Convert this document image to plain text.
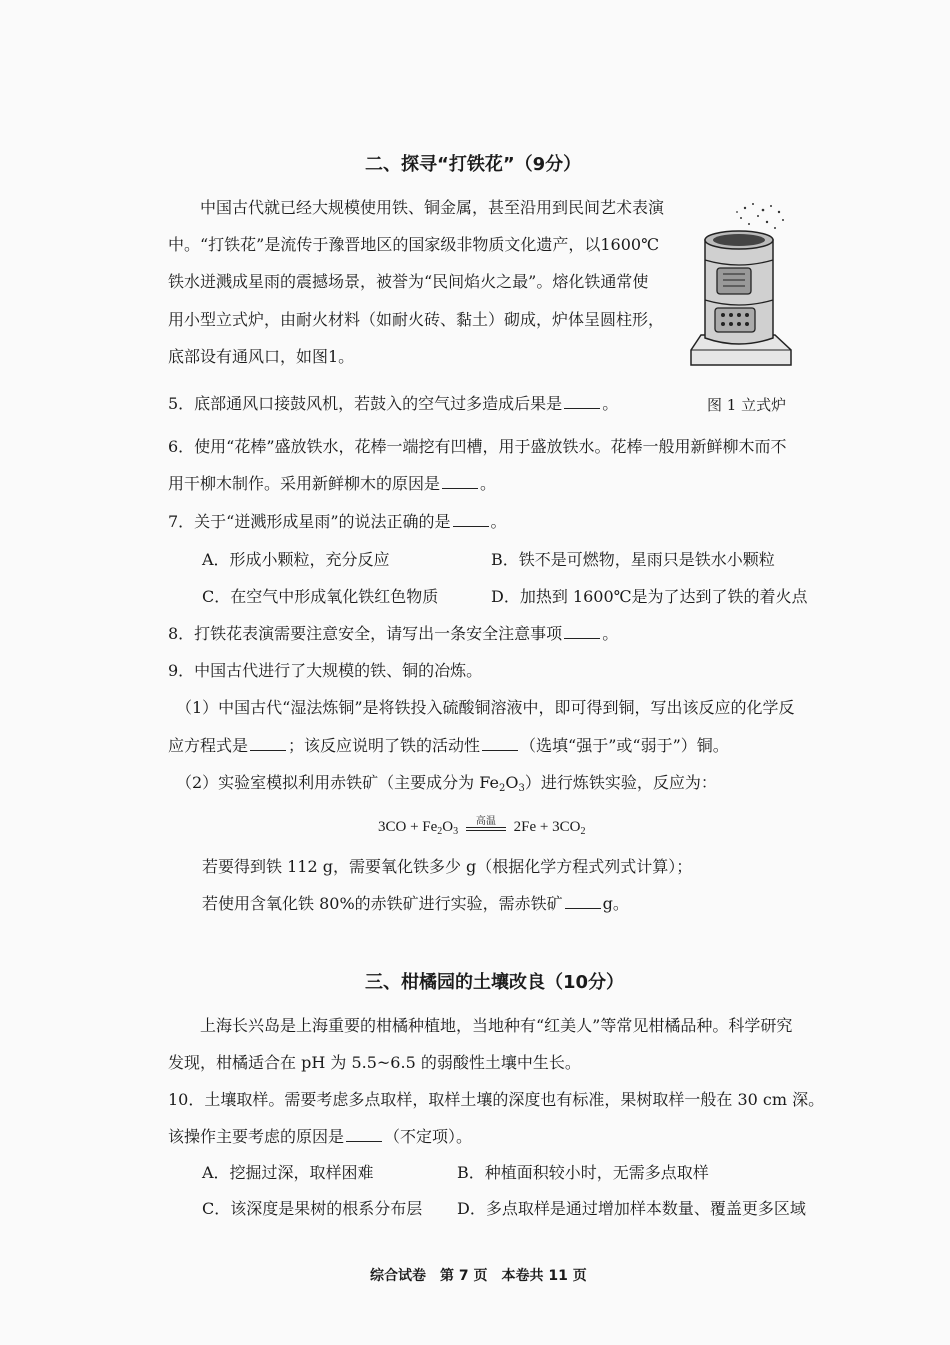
二、探寻“打铁花”（9分）
中国古代就已经大规模使用铁、铜金属，甚至沿用到民间艺术表演
中。“打铁花”是流传于豫晋地区的国家级非物质文化遗产，以1600℃
铁水迸溅成星雨的震撼场景，被誉为“民间焰火之最”。熔化铁通常使
用小型立式炉，由耐火材料（如耐火砖、黏土）砌成，炉体呈圆柱形，
底部设有通风口，如图1。
图 1 立式炉
5．底部通风口接鼓风机，若鼓入的空气过多造成后果是	。
6．使用“花棒”盛放铁水，花棒一端挖有凹槽，用于盛放铁水。花棒一般用新鲜柳木而不
用干柳木制作。采用新鲜柳木的原因是	。
7．关于“迸溅形成星雨”的说法正确的是	。
A．形成小颗粒，充分反应	B．铁不是可燃物，星雨只是铁水小颗粒
C．在空气中形成氧化铁红色物质	D．加热到 1600℃是为了达到了铁的着火点
8．打铁花表演需要注意安全，请写出一条安全注意事项	。
9．中国古代进行了大规模的铁、铜的冶炼。
（1）中国古代“湿法炼铜”是将铁投入硫酸铜溶液中，即可得到铜，写出该反应的化学反
应方程式是	；该反应说明了铁的活动性	（选填“强于”或“弱于”）铜。
（2）实验室模拟利用赤铁矿（主要成分为 $Fe_2O_3$）进行炼铁实验，反应为：
$3CO + Fe_2O_3$
高温	$2Fe + 3CO_2$
若要得到铁 112 g，需要氧化铁多少 g（根据化学方程式列式计算）；
若使用含氧化铁 80%的赤铁矿进行实验，需赤铁矿	g。
三、柑橘园的土壤改良（10分）
上海长兴岛是上海重要的柑橘种植地，当地种有“红美人”等常见柑橘品种。科学研究
发现，柑橘适合在 pH 为 5.5~6.5 的弱酸性土壤中生长。
10．土壤取样。需要考虑多点取样，取样土壤的深度也有标准，果树取样一般在 30 cm 深。
该操作主要考虑的原因是	（不定项）。
A．挖掘过深，取样困难	B．种植面积较小时，无需多点取样
C．该深度是果树的根系分布层 D．多点取样是通过增加样本数量、覆盖更多区域
综合试卷　第 7 页　本卷共 11 页
